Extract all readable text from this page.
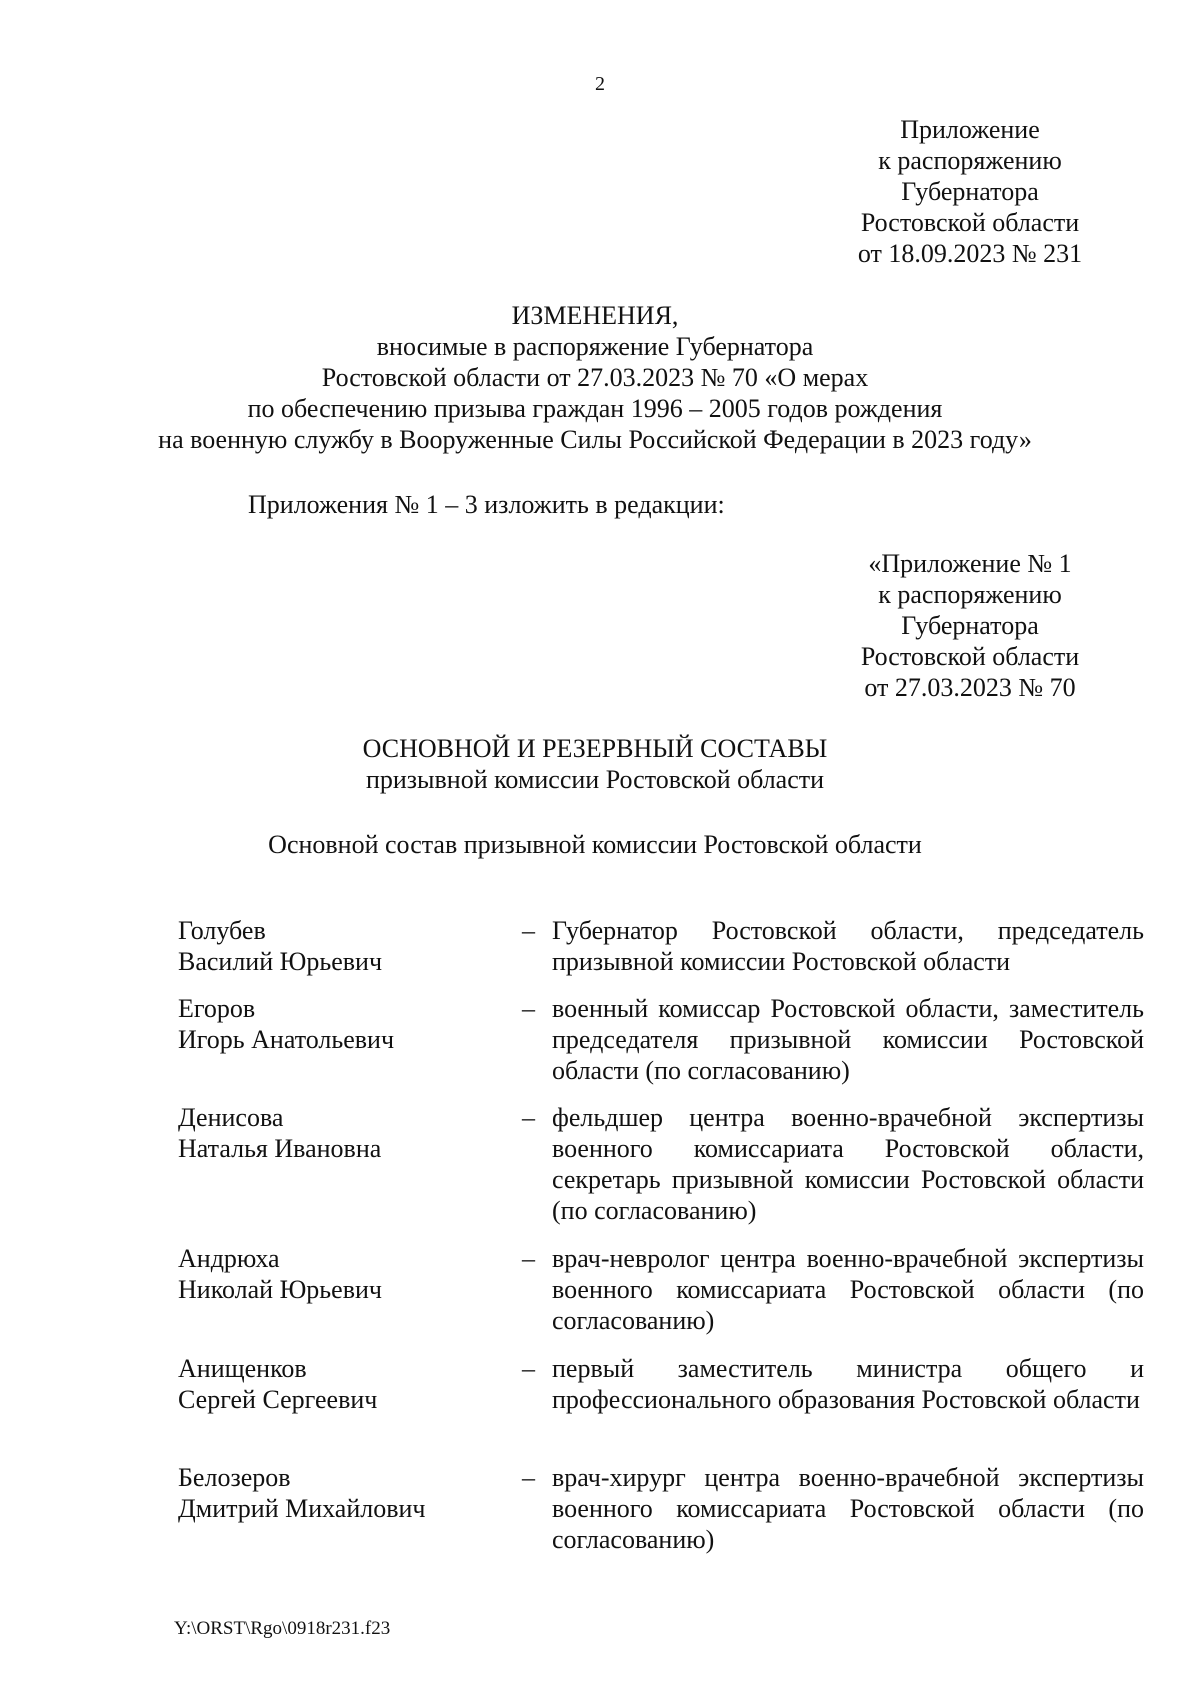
2
Приложение
к распоряжению
Губернатора
Ростовской области
от 18.09.2023 № 231
ИЗМЕНЕНИЯ,
вносимые в распоряжение Губернатора
Ростовской области от 27.03.2023 № 70 «О мерах
по обеспечению призыва граждан 1996 – 2005 годов рождения
на военную службу в Вооруженные Силы Российской Федерации в 2023 году»
Приложения № 1 – 3 изложить в редакции:
«Приложение № 1
к распоряжению
Губернатора
Ростовской области
от 27.03.2023 № 70
ОСНОВНОЙ И РЕЗЕРВНЫЙ СОСТАВЫ
призывной комиссии Ростовской области
Основной состав призывной комиссии Ростовской области
Голубев
Василий Юрьевич
– Губернатор Ростовской области, председатель призывной комиссии Ростовской области
Егоров
Игорь Анатольевич
– военный комиссар Ростовской области, заместитель председателя призывной комиссии Ростовской области (по согласованию)
Денисова
Наталья Ивановна
– фельдшер центра военно-врачебной экспертизы военного комиссариата Ростовской области, секретарь призывной комиссии Ростовской области (по согласованию)
Андрюха
Николай Юрьевич
– врач-невролог центра военно-врачебной экспертизы военного комиссариата Ростовской области (по согласованию)
Анищенков
Сергей Сергеевич
– первый заместитель министра общего и профессионального образования Ростовской области
Белозеров
Дмитрий Михайлович
– врач-хирург центра военно-врачебной экспертизы военного комиссариата Ростовской области (по согласованию)
Y:\ORST\Rgo\0918r231.f23
